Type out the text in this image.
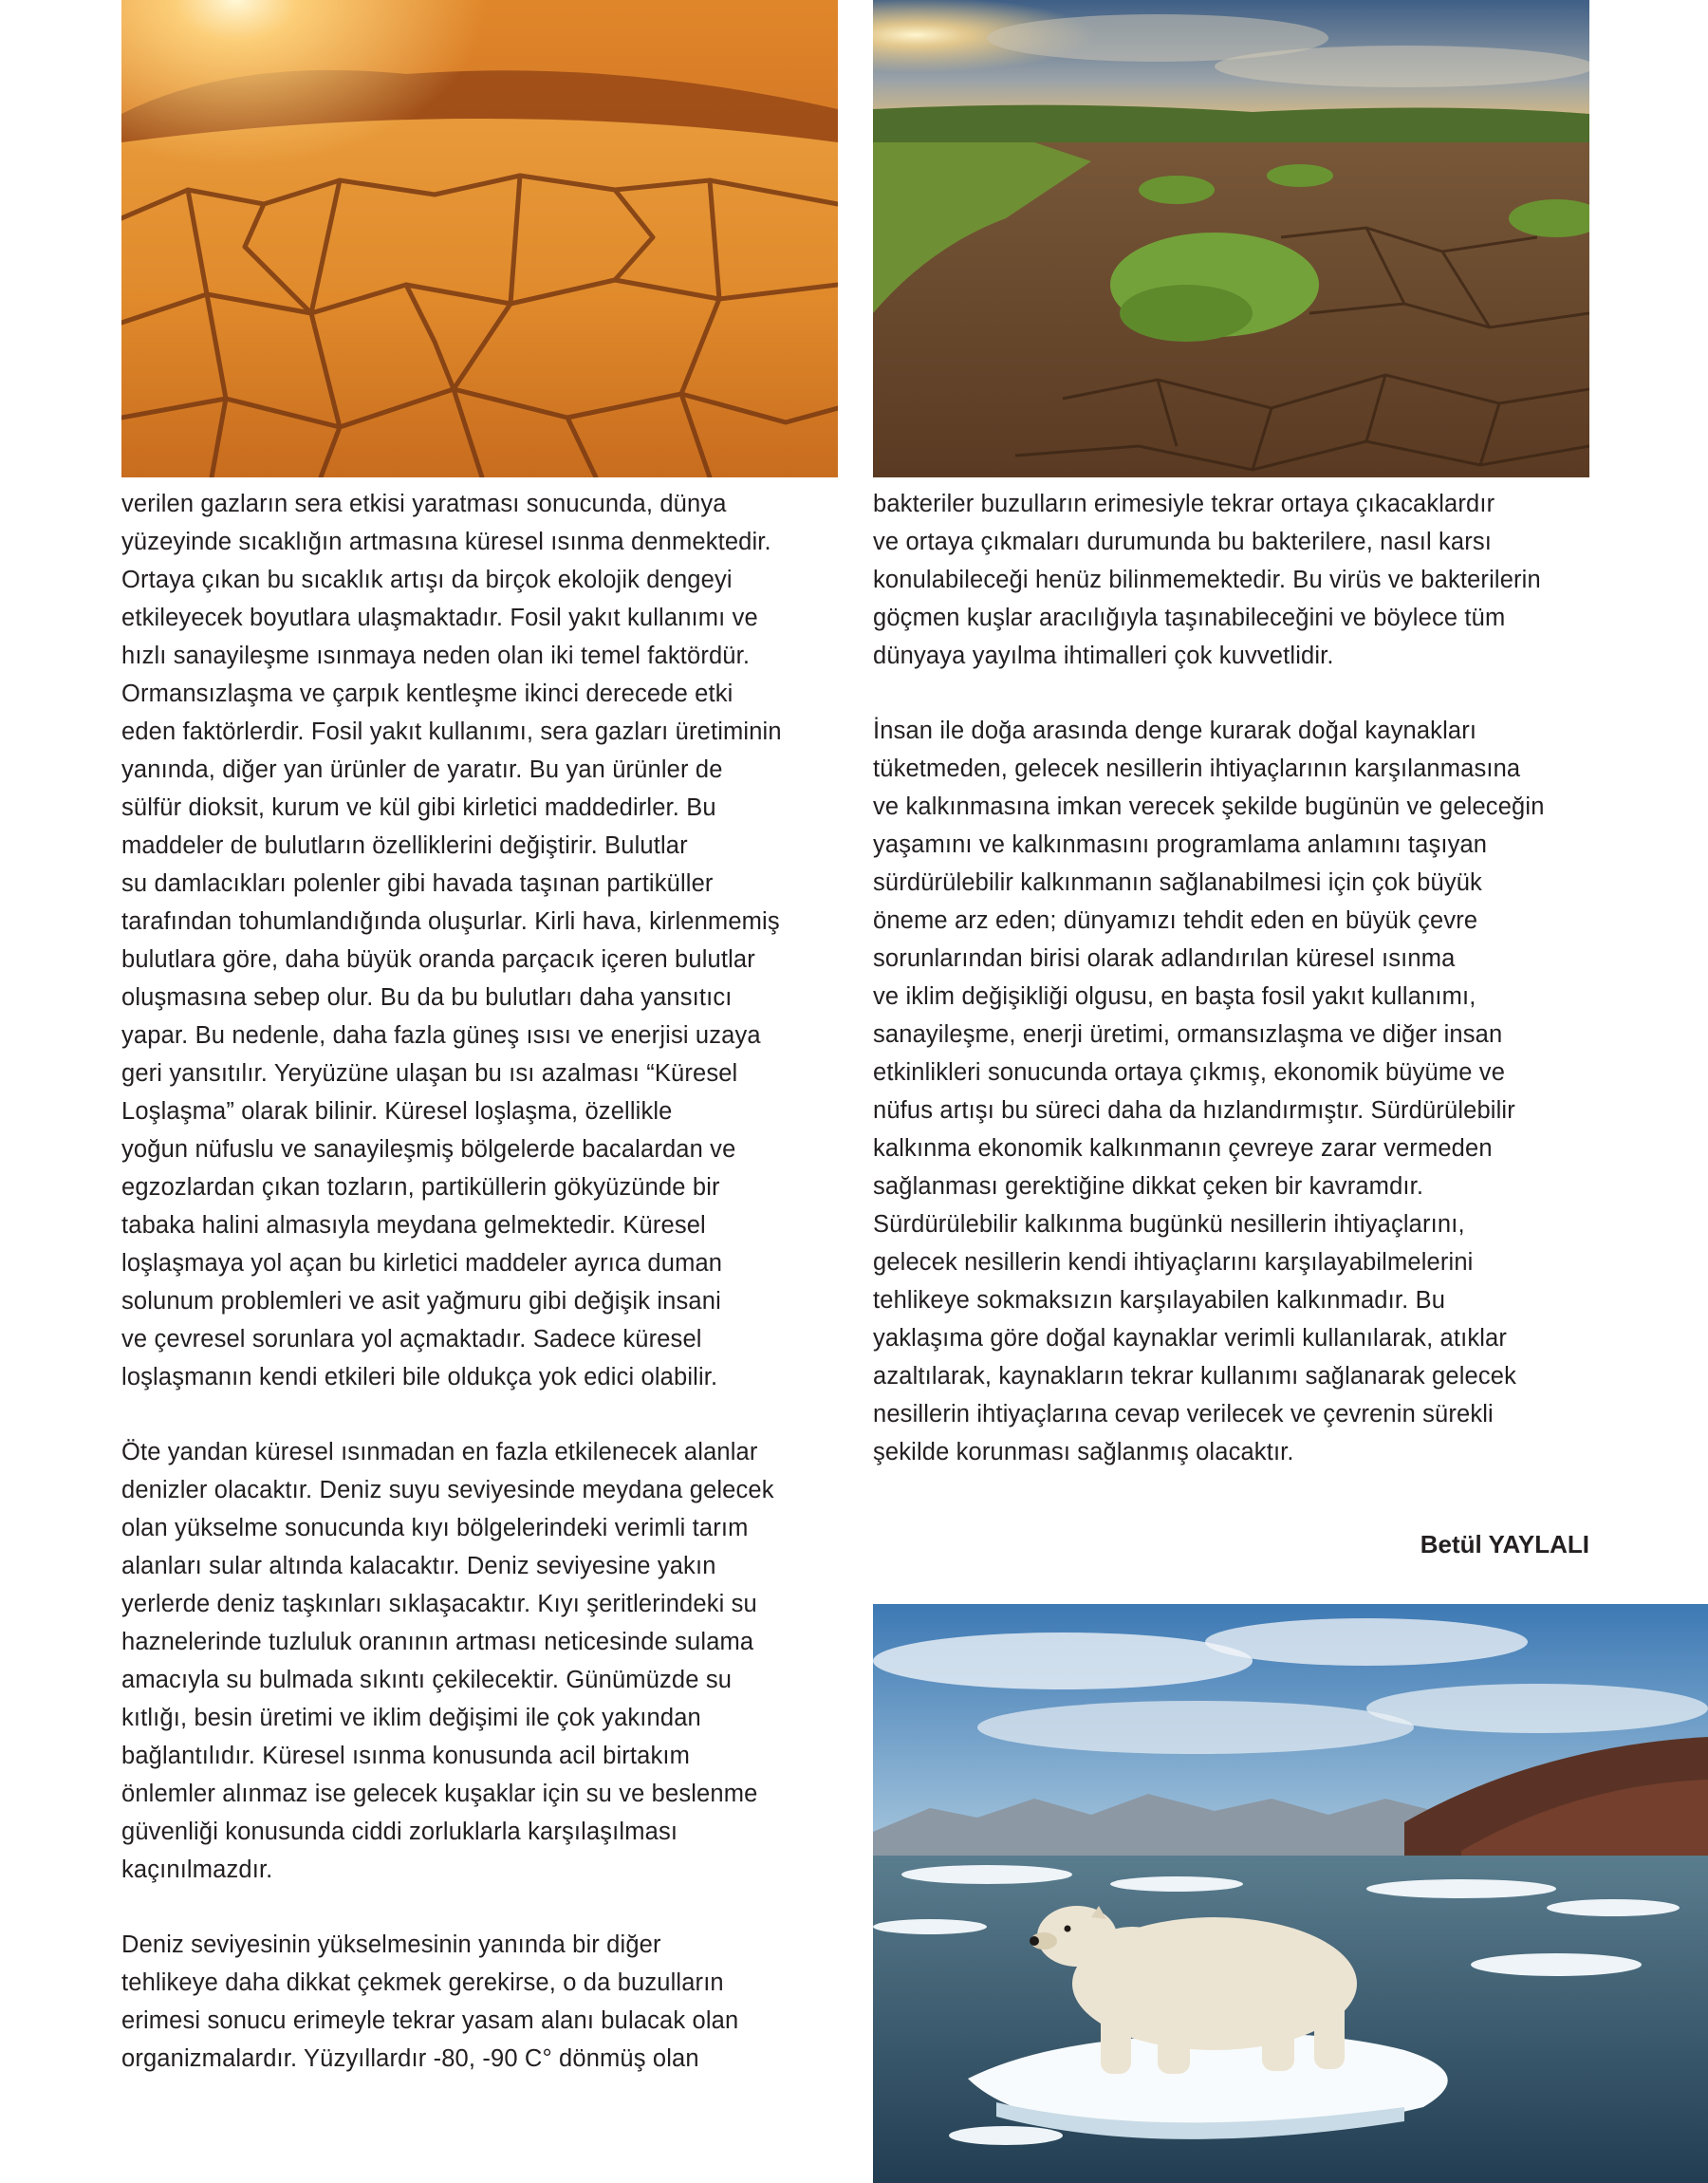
verilen gazların sera etkisi yaratması sonucunda, dünya
yüzeyinde sıcaklığın artmasına küresel ısınma denmektedir.
Ortaya çıkan bu sıcaklık artışı da birçok ekolojik dengeyi
etkileyecek boyutlara ulaşmaktadır. Fosil yakıt kullanımı ve
hızlı sanayileşme ısınmaya neden olan iki temel faktördür.
Ormansızlaşma ve çarpık kentleşme ikinci derecede etki
eden faktörlerdir. Fosil yakıt kullanımı, sera gazları üretiminin
yanında, diğer yan ürünler de yaratır. Bu yan ürünler de
sülfür dioksit, kurum ve kül gibi kirletici maddedirler. Bu
maddeler de bulutların özelliklerini değiştirir. Bulutlar
su damlacıkları polenler gibi havada taşınan partiküller
tarafından tohumlandığında oluşurlar. Kirli hava, kirlenmemiş
bulutlara göre, daha büyük oranda parçacık içeren bulutlar
oluşmasına sebep olur. Bu da bu bulutları daha yansıtıcı
yapar. Bu nedenle, daha fazla güneş ısısı ve enerjisi uzaya
geri yansıtılır. Yeryüzüne ulaşan bu ısı azalması “Küresel
Loşlaşma” olarak bilinir. Küresel loşlaşma, özellikle
yoğun nüfuslu ve sanayileşmiş bölgelerde bacalardan ve
egzozlardan çıkan tozların, partiküllerin gökyüzünde bir
tabaka halini almasıyla meydana gelmektedir. Küresel
loşlaşmaya yol açan bu kirletici maddeler ayrıca duman
solunum problemleri ve asit yağmuru gibi değişik insani
ve çevresel sorunlara yol açmaktadır. Sadece küresel
loşlaşmanın kendi etkileri bile oldukça yok edici olabilir.

Öte yandan küresel ısınmadan en fazla etkilenecek alanlar
denizler olacaktır. Deniz suyu seviyesinde meydana gelecek
olan yükselme sonucunda kıyı bölgelerindeki verimli tarım
alanları sular altında kalacaktır. Deniz seviyesine yakın
yerlerde deniz taşkınları sıklaşacaktır. Kıyı şeritlerindeki su
haznelerinde tuzluluk oranının artması neticesinde sulama
amacıyla su bulmada sıkıntı çekilecektir. Günümüzde su
kıtlığı, besin üretimi ve iklim değişimi ile çok yakından
bağlantılıdır. Küresel ısınma konusunda acil birtakım
önlemler alınmaz ise gelecek kuşaklar için su ve beslenme
güvenliği konusunda ciddi zorluklarla karşılaşılması
kaçınılmazdır.

Deniz seviyesinin yükselmesinin yanında bir diğer
tehlikeye daha dikkat çekmek gerekirse, o da buzulların
erimesi sonucu erimeyle tekrar yasam alanı bulacak olan
organizmalardır. Yüzyıllardır -80, -90 C° dönmüş olan

bakteriler buzulların erimesiyle tekrar ortaya çıkacaklardır
ve ortaya çıkmaları durumunda bu bakterilere, nasıl karsı
konulabileceği henüz bilinmemektedir. Bu virüs ve bakterilerin
göçmen kuşlar aracılığıyla taşınabileceğini ve böylece tüm
dünyaya yayılma ihtimalleri çok kuvvetlidir.

İnsan ile doğa arasında denge kurarak doğal kaynakları
tüketmeden, gelecek nesillerin ihtiyaçlarının karşılanmasına
ve kalkınmasına imkan verecek şekilde bugünün ve geleceğin
yaşamını ve kalkınmasını programlama anlamını taşıyan
sürdürülebilir kalkınmanın sağlanabilmesi için çok büyük
öneme arz eden; dünyamızı tehdit eden en büyük çevre
sorunlarından birisi olarak adlandırılan küresel ısınma
ve iklim değişikliği olgusu, en başta fosil yakıt kullanımı,
sanayileşme, enerji üretimi, ormansızlaşma ve diğer insan
etkinlikleri sonucunda ortaya çıkmış, ekonomik büyüme ve
nüfus artışı bu süreci daha da hızlandırmıştır. Sürdürülebilir
kalkınma ekonomik kalkınmanın çevreye zarar vermeden
sağlanması gerektiğine dikkat çeken bir kavramdır.
Sürdürülebilir kalkınma bugünkü nesillerin ihtiyaçlarını,
gelecek nesillerin kendi ihtiyaçlarını karşılayabilmelerini
tehlikeye sokmaksızın karşılayabilen kalkınmadır. Bu
yaklaşıma göre doğal kaynaklar verimli kullanılarak, atıklar
azaltılarak, kaynakların tekrar kullanımı sağlanarak gelecek
nesillerin ihtiyaçlarına cevap verilecek ve çevrenin sürekli
şekilde korunması sağlanmış olacaktır.

Betül YAYLALI
